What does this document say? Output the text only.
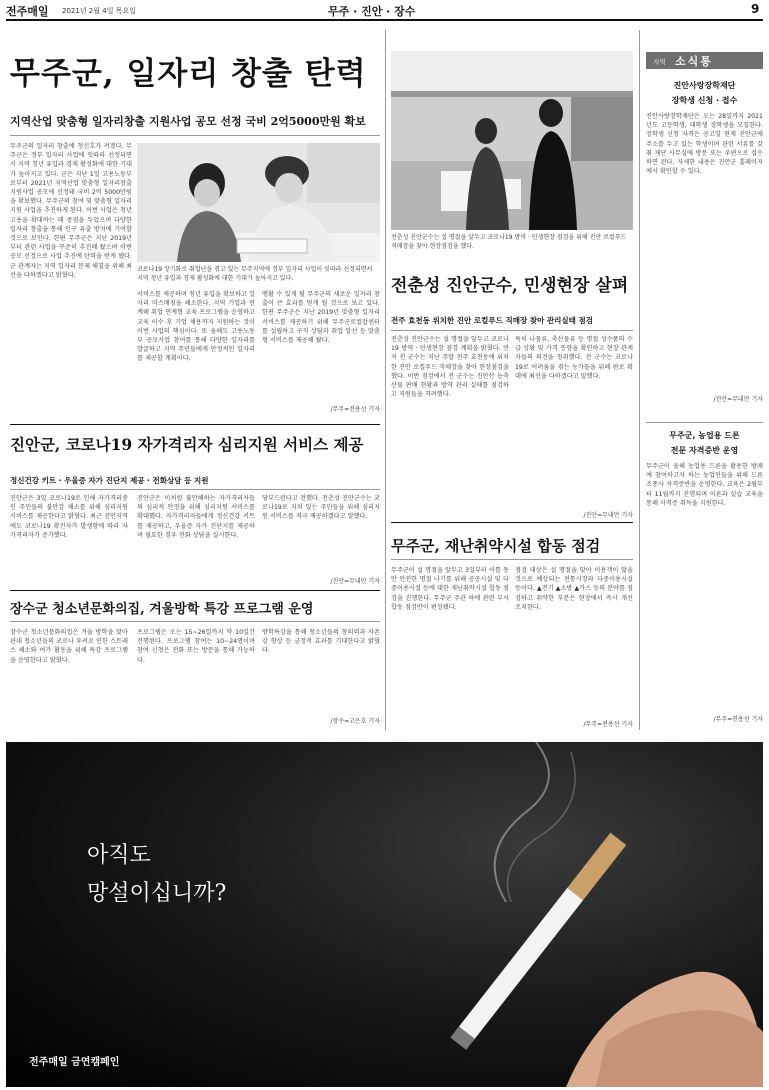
전주매일 2021년 2월 4일 목요일	무주 · 진안 · 장수	9
무주군, 일자리 창출 탄력
지역산업 맞춤형 일자리창출 지원사업 공모 선정 국비 2억5000만원 확보
무주군의 일자리 창출에 청신호가 켜졌다. 무주군은 정부 일자리 사업에 잇따라 선정되면서 지역 청년 유입과 경제 활성화에 대한 기대가 높아지고 있다. 군은 지난 1일 고용노동부로부터 2021년 지역산업 맞춤형 일자리창출 지원사업 공모에 선정돼 국비 2억 5000만원을 확보했다. 무주군의 참여 및 맞춤형 일자리 지원 사업을 추진하게 된다. 이번 사업은 청년 고용을 확대하는 데 중점을 두었으며 다양한 일자리 창출을 통해 인구 유출 방지에 기여할 것으로 보인다. 한편 무주군은 지난 2019년부터 관련 사업을 꾸준히 추진해 왔으며 이번 공모 선정으로 사업 추진에 탄력을 받게 됐다. 군 관계자는 지역 일자리 문제 해결을 위해 최선을 다하겠다고 밝혔다.
코로나19 장기화로 취업난을 겪고 있는 무주지역에 정부 일자리 사업이 잇따라 선정되면서 지역 청년 유입과 경제 활성화에 대한 기대가 높아지고 있다.
서비스를 제공하며 청년 유입을 확보하고 일자리 미스매칭을 해소한다. 지역 기업과 연계해 취업 연계형 교육 프로그램을 운영하고 교육 이수 후 기업 채용까지 지원하는 것이 이번 사업의 핵심이다. 또 올해도 고용노동부 공모사업 참여를 통해 다양한 일자리를 발굴하고 지역 주민들에게 안정적인 일자리를 제공할 계획이다.
맹활 수 있게 될 무주군의 새로운 일자리 창출이 큰 효과를 얻게 될 것으로 보고 있다. 한편 무주군은 지난 2019년 맞춤형 일자리서비스를 제공하기 위해 무주군로컬잡센터를 설립하고 구직 상담과 취업 알선 등 맞춤형 서비스를 제공해 왔다.
/무주=전용선 기자
전춘성 진안군수는 설 명절을 앞두고 코로나19 방역 · 민생현장 점검을 위해 진안 로컬푸드 직매장을 찾아 현장점검을 했다.
전춘성 진안군수, 민생현장 살펴
전주 효천동 위치한 진안 로컬푸드 직매장 찾아 관리실태 점검
전춘성 진안군수는 설 명절을 앞두고 코로나19 방역 · 민생현장 점검 계획을 밝혔다. 먼저 전 군수는 지난 주말 전주 효천동에 위치한 진안 로컬푸드 직매장을 찾아 현장점검을 했다. 이번 점검에서 전 군수는 진안산 농축산물 판매 현황과 방역 관리 실태를 점검하고 직원들을 격려했다.
특히 나물류, 축산물류 등 명절 성수품의 수급 상황 및 가격 동향을 확인하고 현장 관계자들의 의견을 청취했다. 전 군수는 코로나19로 어려움을 겪는 농가들을 위해 판로 확대에 최선을 다하겠다고 말했다.
/진안=무내만 기자
진안군, 코로나19 자가격리자 심리지원 서비스 제공
정신건강 키트 · 우울증 자가 진단지 제공 · 전화상담 등 지원
진안군은 3일 코로나19로 인해 자가격리중인 주민들의 불안감 해소를 위해 심리지원 서비스를 제공한다고 밝혔다. 최근 진안지역에도 코로나19 확진자가 발생함에 따라 자가격리자가 증가했다.
진안군은 이처럼 불안해하는 자가격리자들의 심리적 안정을 위해 심리지원 서비스를 확대했다. 자가격리자들에게 정신건강 키트를 제공하고, 우울증 자가 진단지를 제공하며 필요한 경우 전화 상담을 실시한다.
당부드린다고 전했다. 전춘성 진안군수는 코로나19로 지쳐 있는 주민들을 위해 심리지원 서비스를 적극 제공하겠다고 말했다.
/진안=무내만 기자
무주군, 재난취약시설 합동 점검
무주군이 설 명절을 앞두고 3일부터 이틀 동안 안전한 명절 나기를 위해 공공시설 및 다중이용시설 등에 대한 재난취약시설 합동 점검을 진행한다. 무주군 주관 하에 관련 부서 합동 점검반이 편성됐다.
점검 대상은 설 명절을 맞아 이용객이 많을 것으로 예상되는 전통시장과 다중이용시설 등이다. ▲전기 ▲소방 ▲가스 등의 분야를 점검하고 취약한 부분은 현장에서 즉시 개선 조치한다.
/무주=전용선 기자
장수군 청소년문화의집, 겨울방학 특강 프로그램 운영
장수군 청소년문화의집은 겨울 방학을 맞아 관내 청소년들의 코로나 우려로 인한 스트레스 해소와 여가 활동을 위해 특강 프로그램을 운영한다고 밝혔다.
프로그램은 오는 15~26일까지 약 10일간 진행된다. 프로그램 참여는 10~24명이며 참여 신청은 전화 또는 방문을 통해 가능하다.
방학특강을 통해 청소년들의 창의력과 자존감 향상 등 긍정적 효과를 기대한다고 밝혔다.
/장수=고은호 기자
지역 소식통
진안사랑장학재단
장학생 신청 · 접수
진안사랑장학재단은 오는 28일까지 2021년도 고등학생, 대학생 장학생을 모집한다. 장학생 신청 자격은 공고일 현재 진안군에 주소를 두고 있는 학생이며 관련 서류를 갖춰 재단 사무실에 방문 또는 우편으로 접수하면 된다. 자세한 내용은 진안군 홈페이지에서 확인할 수 있다.
/진안=무내만 기자
무주군, 농업용 드론
전문 자격증반 운영
무주군이 올해 농업용 드론을 활용한 방제에 참여하고자 하는 농업인들을 위해 드론 조종사 자격증반을 운영한다. 교육은 2월부터 11월까지 진행되며 이론과 실습 교육을 통해 자격증 취득을 지원한다.
/무주=전용선 기자
아직도
망설이십니까?
전주매일 금연캠페인
